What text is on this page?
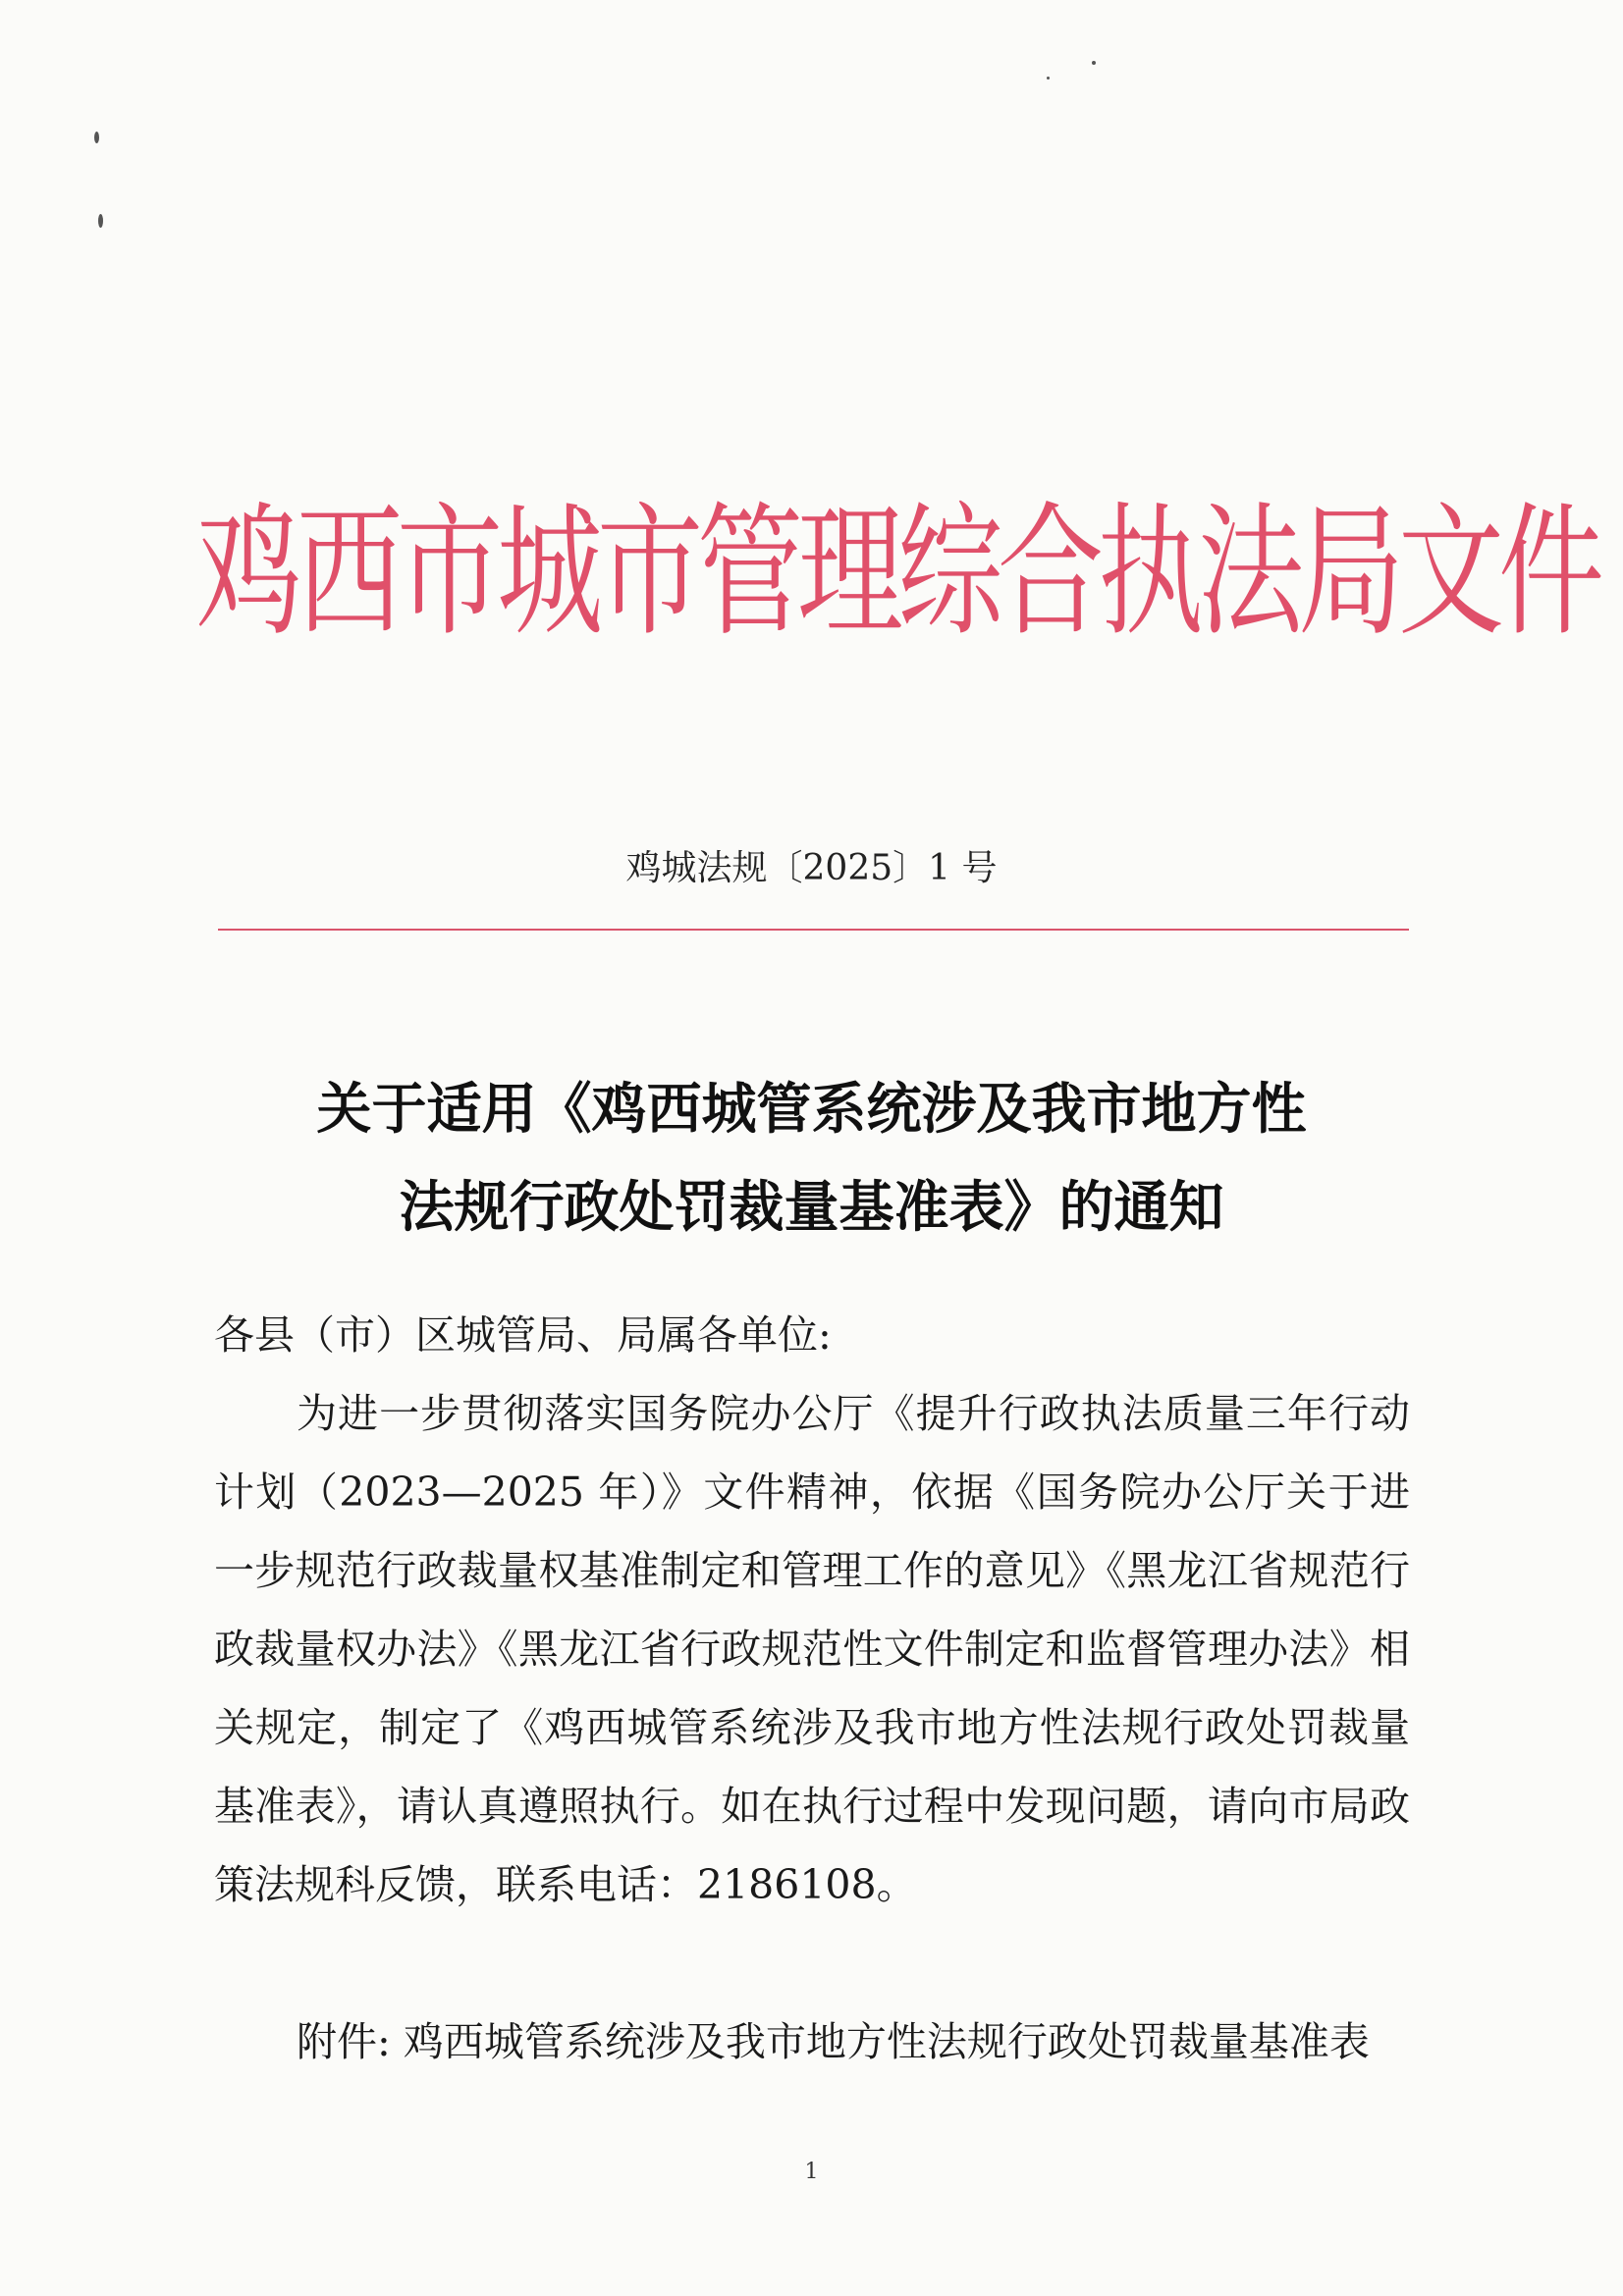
鸡西市城市管理综合执法局文件
鸡城法规〔2025〕1 号
关于适用《鸡西城管系统涉及我市地方性
法规行政处罚裁量基准表》的通知
各县（市）区城管局、局属各单位:
为进一步贯彻落实国务院办公厅《提升行政执法质量三年行动计划（2023—2025 年）》文件精神，依据《国务院办公厅关于进一步规范行政裁量权基准制定和管理工作的意见》《黑龙江省规范行政裁量权办法》《黑龙江省行政规范性文件制定和监督管理办法》相关规定，制定了《鸡西城管系统涉及我市地方性法规行政处罚裁量基准表》，请认真遵照执行。如在执行过程中发现问题，请向市局政策法规科反馈，联系电话：2186108。
附件: 鸡西城管系统涉及我市地方性法规行政处罚裁量基准表
1
